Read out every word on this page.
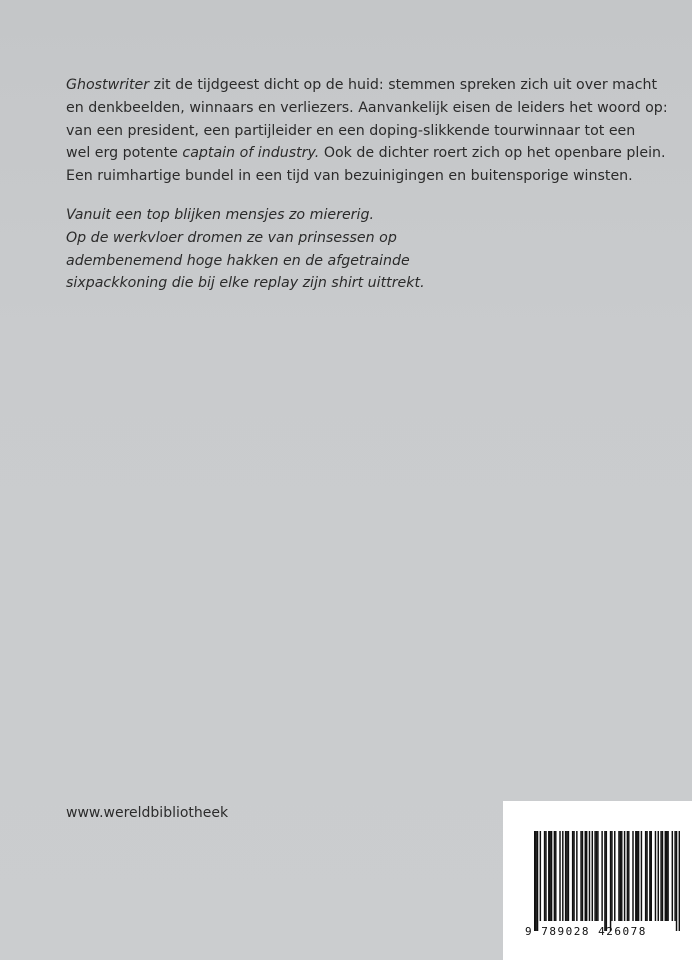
Ghostwriter zit de tijdgeest dicht op de huid: stemmen spreken zich uit over macht

en denkbeelden, winnaars en verliezers. Aanvankelijk eisen de leiders het woord op:

van een president, een partijleider en een doping-slikkende tourwinnaar tot een

wel erg potente captain of industry. Ook de dichter roert zich op het openbare plein.

Een ruimhartige bundel in een tijd van bezuinigingen en buitensporige winsten.

Vanuit een top blijken mensjes zo miererig.

Op de werkvloer dromen ze van prinsessen op

adembenemend hoge hakken en de afgetrainde

sixpackkoning die bij elke replay zijn shirt uittrekt.

www.wereldbibliotheek
9 789028 426078
